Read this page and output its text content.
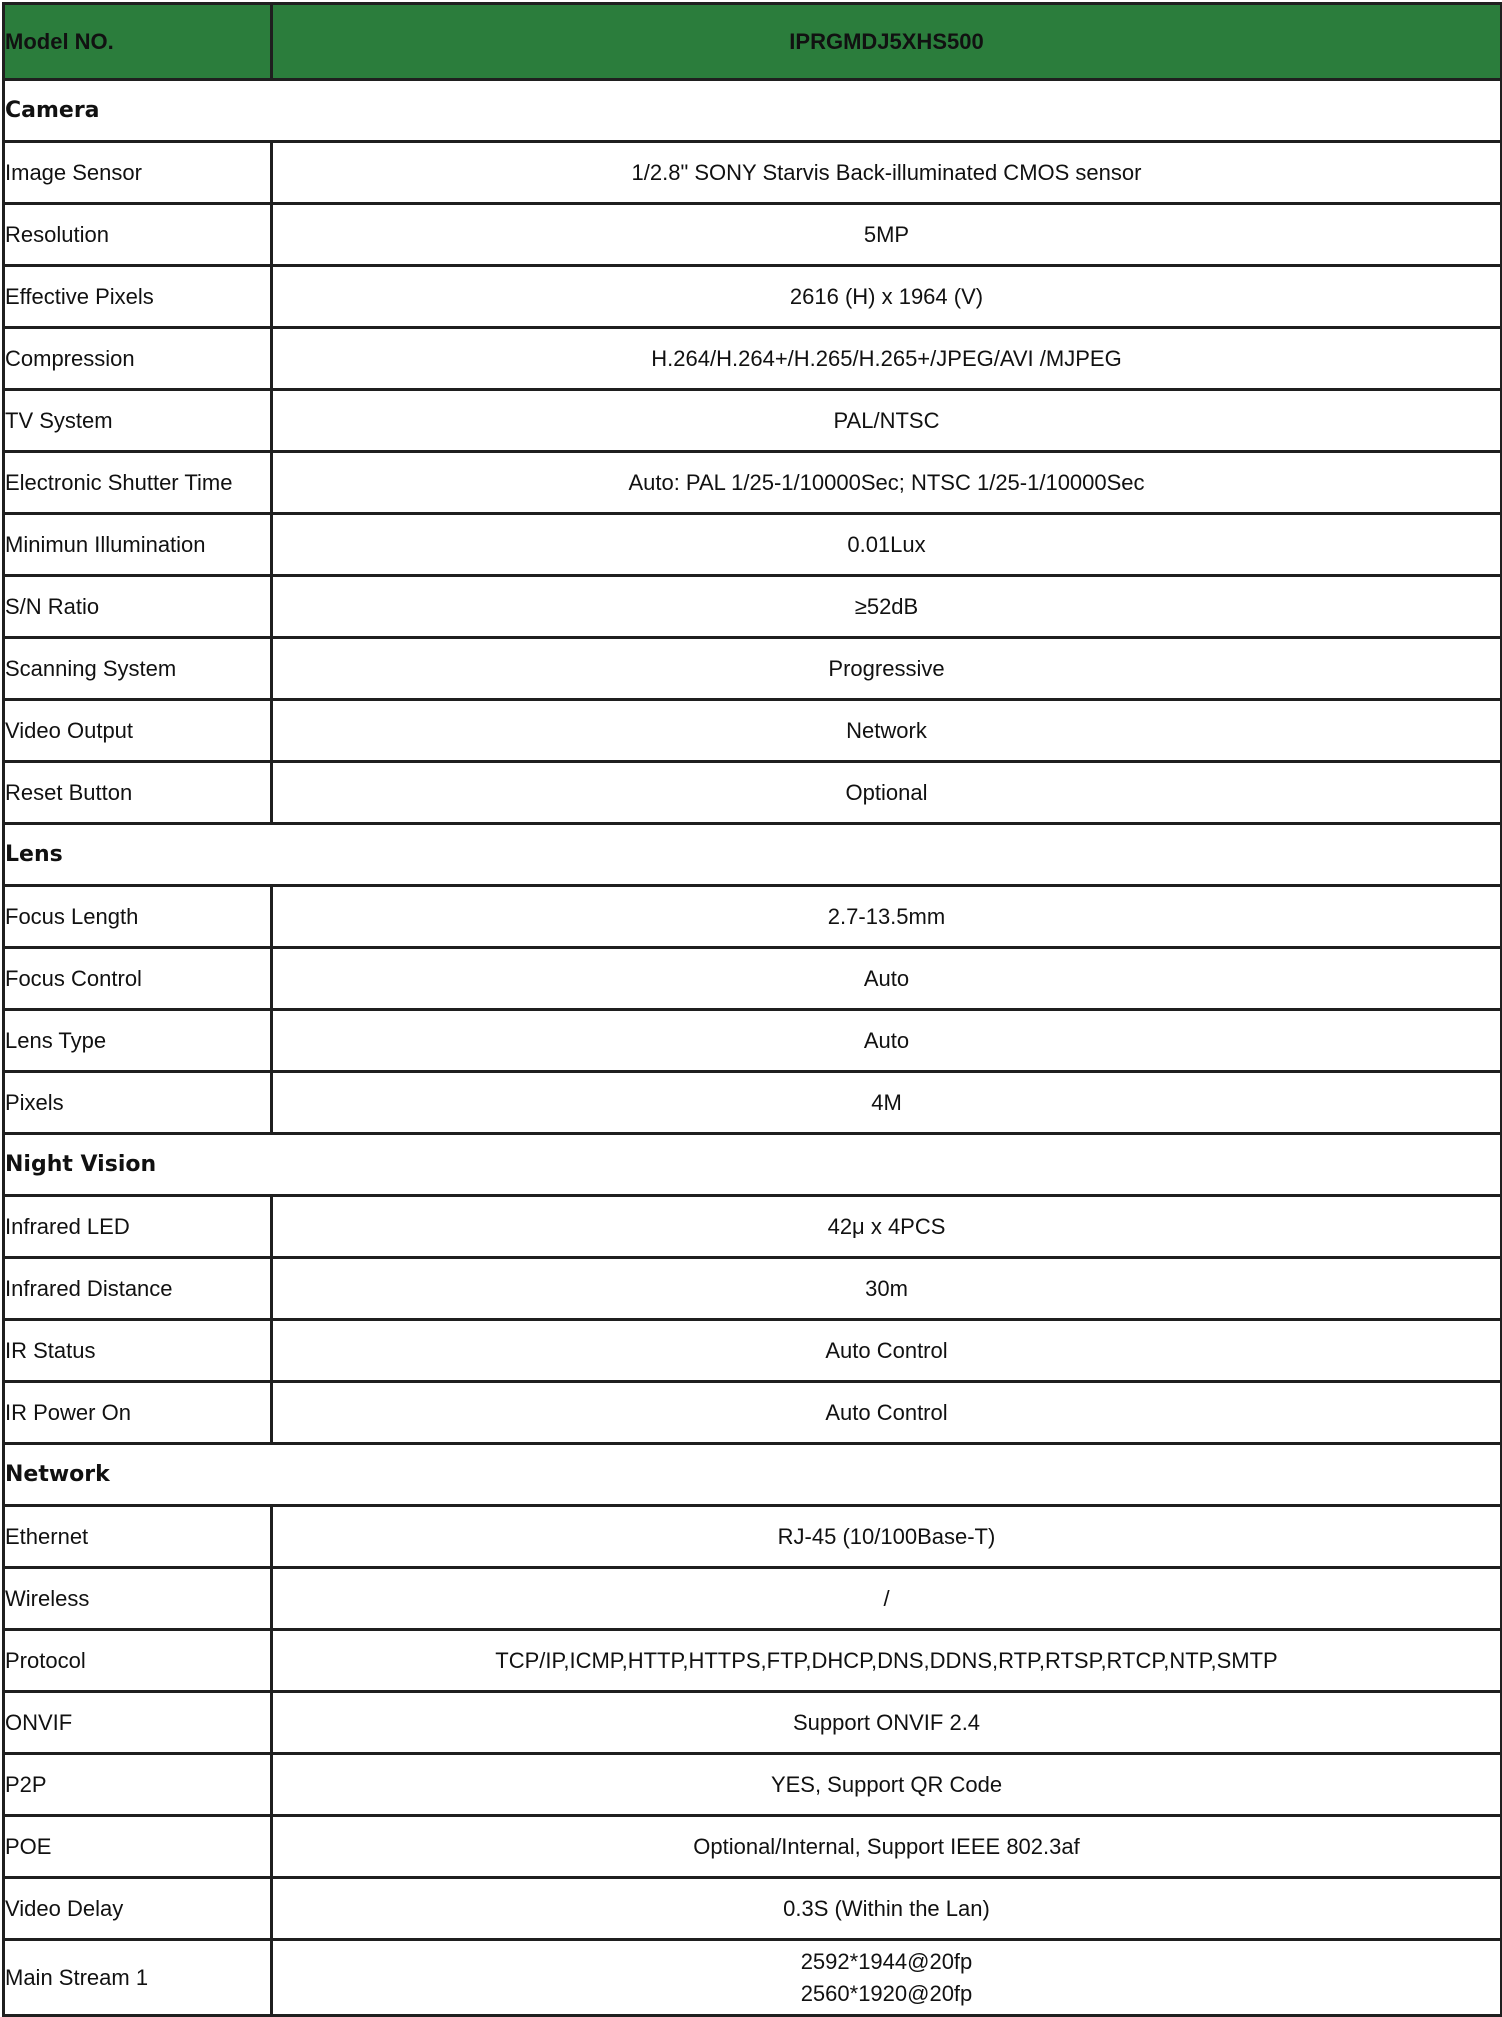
Model NO.	IPRGMDJ5XHS500
Camera	
Image Sensor	1/2.8" SONY Starvis Back-illuminated CMOS sensor
Resolution	5MP
Effective Pixels	2616 (H) x 1964 (V)
Compression	H.264/H.264+/H.265/H.265+/JPEG/AVI /MJPEG
TV System	PAL/NTSC
Electronic Shutter Time	Auto: PAL 1/25-1/10000Sec; NTSC 1/25-1/10000Sec
Minimun Illumination	0.01Lux
S/N Ratio	≥52dB
Scanning System	Progressive
Video Output	Network
Reset Button	Optional
Lens	
Focus Length	2.7-13.5mm
Focus Control	Auto
Lens Type	Auto
Pixels	4M
Night Vision	
Infrared LED	42μ x 4PCS
Infrared Distance	30m
IR Status	Auto Control
IR Power On	Auto Control
Network	
Ethernet	RJ-45 (10/100Base-T)
Wireless	/
Protocol	TCP/IP,ICMP,HTTP,HTTPS,FTP,DHCP,DNS,DDNS,RTP,RTSP,RTCP,NTP,SMTP
ONVIF	Support ONVIF 2.4
P2P	YES, Support QR Code
POE	Optional/Internal, Support IEEE 802.3af
Video Delay	0.3S (Within the Lan)
Main Stream 1	2592*1944@20fp
2560*1920@20fp
